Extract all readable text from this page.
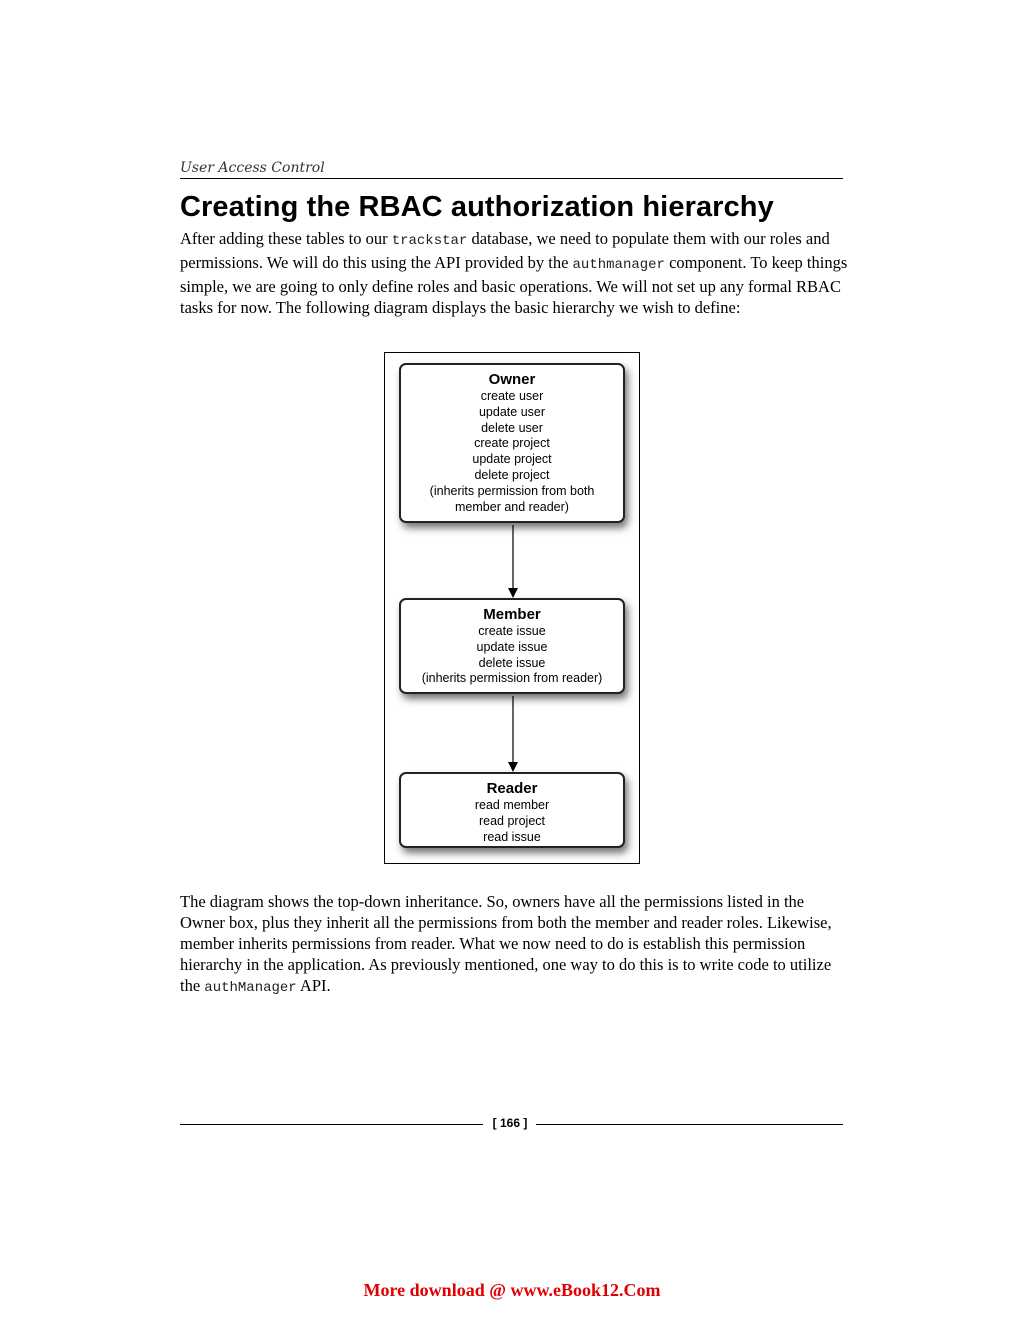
User Access Control
Creating the RBAC authorization hierarchy

After adding these tables to our trackstar database, we need to populate them with our roles and permissions. We will do this using the API provided by the authmanager component. To keep things simple, we are going to only define roles and basic operations. We will not set up any formal RBAC tasks for now. The following diagram displays the basic hierarchy we wish to define:

Owner
create user
update user
delete user
create project
update project
delete project
(inherits permission from both
member and reader)
Member
create issue
update issue
delete issue
(inherits permission from reader)
Reader
read member
read project
read issue

The diagram shows the top-down inheritance. So, owners have all the permissions listed in the Owner box, plus they inherit all the permissions from both the member and reader roles. Likewise, member inherits permissions from reader. What we now need to do is establish this permission hierarchy in the application. As previously mentioned, one way to do this is to write code to utilize the authManager API.

[ 166 ]
More download @ www.eBook12.Com
